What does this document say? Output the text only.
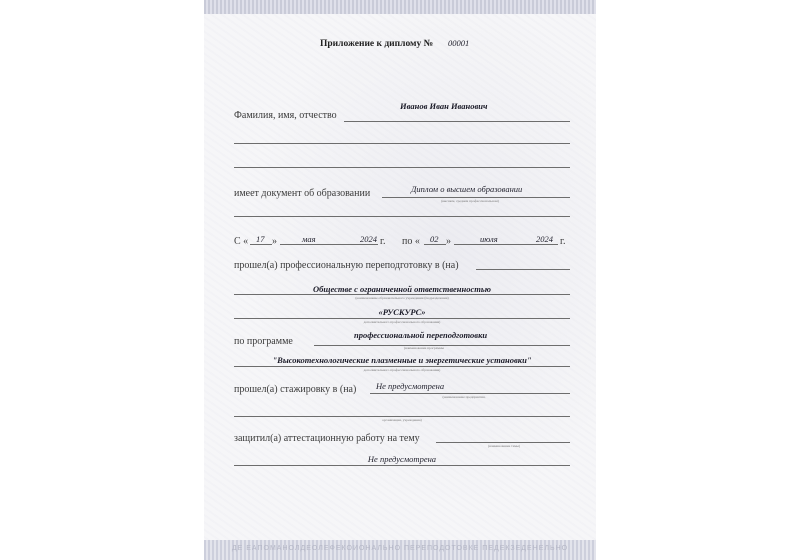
Приложение к диплому № 00001
Фамилия, имя, отчество
Иванов Иван Иванович
имеет документ об образовании	Диплом о высшем образовании
(высшем, среднем профессиональном)
С « 17 »	мая	2024 г. по « 02 »	июля	2024 г.
прошел(а) профессиональную переподготовку в (на)
Обществе с ограниченной ответственностью
(наименование образовательного учреждения (подразделения)
«РУСКУРС»
дополнительного профессионального образования)
по программе
профессиональной переподготовки
(наименование программы
"Высокотехнологические плазменные и энергетические установки"
дополнительного профессионального образования)
прошел(а) стажировку в (на) Не предусмотрена
(наименование предприятия,
организации, учреждения)
защитил(а) аттестационную работу на тему
(наименование темы)
Не предусмотрена
ДЕ ЕАПОМАНОЛДЕОЛЕФЕКОИОНАЛЬНО ПЕРЕПОДОТОВКЕ ПЕДЕКЗЕДЕНЕЛЬНО
